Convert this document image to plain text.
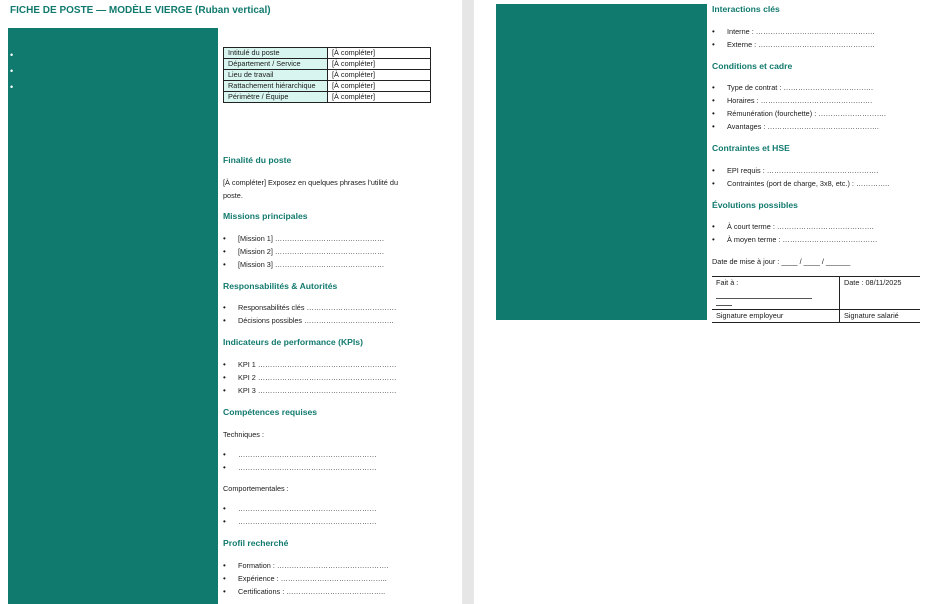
FICHE DE POSTE — MODÈLE VIERGE (Ruban vertical)
•
•
•
Intitulé du poste	[À compléter]
Département / Service	[À compléter]
Lieu de travail	[À compléter]
Rattachement hiérarchique	[À compléter]
Périmètre / Équipe	[À compléter]
Finalité du poste
[À compléter] Exposez en quelques phrases l'utilité du
poste.
Missions principales
• [Mission 1] ………………………………………
• [Mission 2] ………………………………………
• [Mission 3] ………………………………………
Responsabilités & Autorités
• Responsabilités clés ……………………………….
• Décisions possibles ……………………………….
Indicateurs de performance (KPIs)
• KPI 1 …………………………………………………
• KPI 2 …………………………………………………
• KPI 3 …………………………………………………
Compétences requises
Techniques :
• …………………………………………………
• …………………………………………………
Comportementales :
• …………………………………………………
• …………………………………………………
Profil recherché
• Formation : ……………………………………….
• Expérience : ……………………………………..
• Certifications : …………………………………..
Interactions clés
• Interne : ………………………………………….
• Externe : …………………………………………
Conditions et cadre
• Type de contrat : ……………………………….
• Horaires : ……………………………………….
• Rémunération (fourchette) : ……………………….
• Avantages : ……………………………………….
Contraintes et HSE
• EPI requis : ……………………………………….
• Contraintes (port de charge, 3x8, etc.) : …………..
Évolutions possibles
• À court terme : ………………………………….
• À moyen terme : …………………………………
Date de mise à jour : ____ / ____ / ______
Fait à :	Date : 08/11/2025
Signature employeur	Signature salarié
